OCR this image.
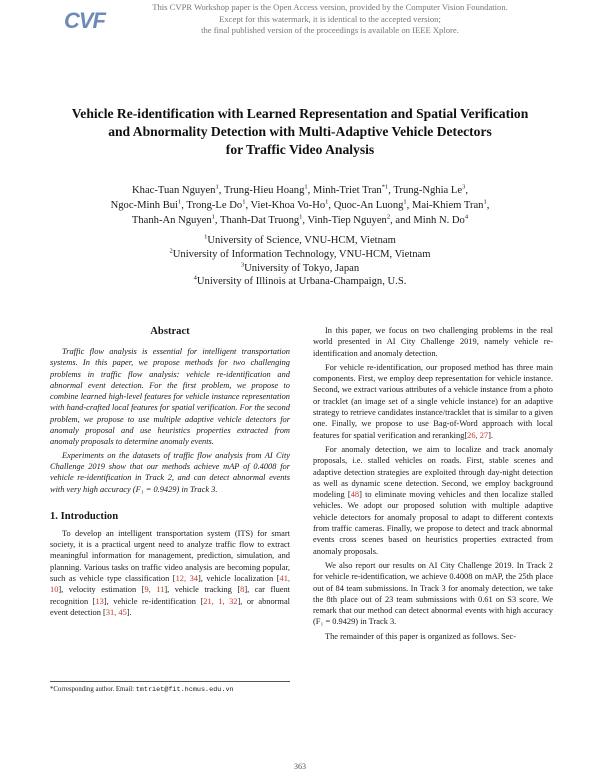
CVF
This CVPR Workshop paper is the Open Access version, provided by the Computer Vision Foundation.
Except for this watermark, it is identical to the accepted version;
the final published version of the proceedings is available on IEEE Xplore.
Vehicle Re-identification with Learned Representation and Spatial Verification
and Abnormality Detection with Multi-Adaptive Vehicle Detectors
for Traffic Video Analysis
Khac-Tuan Nguyen$^1$, Trung-Hieu Hoang$^1$, Minh-Triet Tran$^{*1}$, Trung-Nghia Le$^3$,
Ngoc-Minh Bui$^1$, Trong-Le Do$^1$, Viet-Khoa Vo-Ho$^1$, Quoc-An Luong$^1$, Mai-Khiem Tran$^1$,
Thanh-An Nguyen$^1$, Thanh-Dat Truong$^1$, Vinh-Tiep Nguyen$^2$, and Minh N. Do$^4$
$^1$University of Science, VNU-HCM, Vietnam
$^2$University of Information Technology, VNU-HCM, Vietnam
$^3$University of Tokyo, Japan
$^4$University of Illinois at Urbana-Champaign, U.S.
Abstract

Traffic flow analysis is essential for intelligent transportation systems. In this paper, we propose methods for two challenging problems in traffic flow analysis: vehicle re-identification and abnormal event detection. For the first problem, we propose to combine learned high-level features for vehicle instance representation with hand-crafted local features for spatial verification. For the second problem, we propose to use multiple adaptive vehicle detectors for anomaly proposal and use heuristics properties extracted from anomaly proposals to determine anomaly events.

Experiments on the datasets of traffic flow analysis from AI City Challenge 2019 show that our methods achieve mAP of 0.4008 for vehicle re-identification in Track 2, and can detect abnormal events with very high accuracy (F₁ = 0.9429) in Track 3.

1. Introduction

To develop an intelligent transportation system (ITS) for smart society, it is a practical urgent need to analyze traffic flow to extract meaningful information for management, prediction, simulation, and planning. Various tasks on traffic video analysis are becoming popular, such as vehicle type classification [12, 34], vehicle localization [41, 10], velocity estimation [9, 11], vehicle tracking [8], car fluent recognition [13], vehicle re-identification [21, 1, 32], or abnormal event detection [31, 45].

*Corresponding author. Email: tmtriet@fit.hcmus.edu.vn

In this paper, we focus on two challenging problems in the real world presented in AI City Challenge 2019, namely vehicle re-identification and anomaly detection.

For vehicle re-identification, our proposed method has three main components. First, we employ deep representation for vehicle instance. Second, we extract various attributes of a vehicle instance from a photo or tracklet (an image set of a single vehicle instance) for an adaptive strategy to retrieve candidates instance/tracklet that is similar to a given one. Finally, we propose to use Bag-of-Word approach with local features for spatial verification and reranking[26, 27].

For anomaly detection, we aim to localize and track anomaly proposals, i.e. stalled vehicles on roads. First, stable scenes and adaptive detection strategies are exploited through day-night detection as well as dynamic scene detection. Second, we employ background modeling [48] to eliminate moving vehicles and then localize stalled vehicles. We adopt our proposed solution with multiple adaptive vehicle detectors for anomaly proposal to adapt to different contexts from traffic cameras. Finally, we propose to detect and track abnormal events cross scenes based on heuristics properties extracted from anomaly proposals.

We also report our results on AI City Challenge 2019. In Track 2 for vehicle re-identification, we achieve 0.4008 on mAP, the 25th place out of 84 team submissions. In Track 3 for anomaly detection, we take the 8th place out of 23 team submissions with 0.61 on S3 score. We remark that our method can detect abnormal events with high accuracy (F₁ = 0.9429) in Track 3.

The remainder of this paper is organized as follows. Sec-

363
